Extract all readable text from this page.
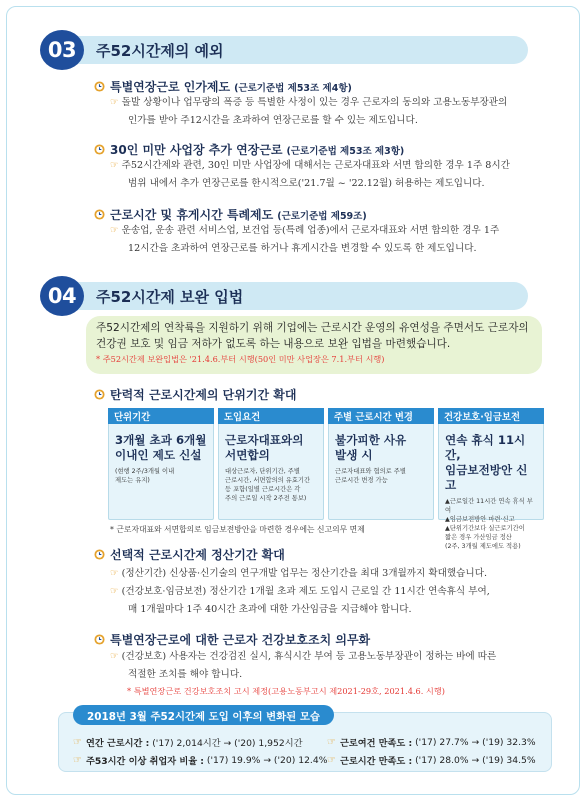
03	주52시간제의 예외
특별연장근로 인가제도 (근로기준법 제53조 제4항)
☞ 돌발 상황이나 업무량의 폭증 등 특별한 사정이 있는 경우 근로자의 동의와 고용노동부장관의
인가를 받아 주12시간을 초과하여 연장근로를 할 수 있는 제도입니다.
30인 미만 사업장 추가 연장근로 (근로기준법 제53조 제3항)
☞ 주52시간제와 관련, 30인 미만 사업장에 대해서는 근로자대표와 서면 합의한 경우 1주 8시간
범위 내에서 추가 연장근로를 한시적으로('21.7월 ~ '22.12월) 허용하는 제도입니다.
근로시간 및 휴게시간 특례제도 (근로기준법 제59조)
☞ 운송업, 운송 관련 서비스업, 보건업 등(특례 업종)에서 근로자대표와 서면 합의한 경우 1주
12시간을 초과하여 연장근로를 하거나 휴게시간을 변경할 수 있도록 한 제도입니다.
04	주52시간제 보완 입법
주52시간제의 연착륙을 지원하기 위해 기업에는 근로시간 운영의 유연성을 주면서도 근로자의
건강권 보호 및 임금 저하가 없도록 하는 내용으로 보완 입법을 마련했습니다.
* 주52시간제 보완입법은 '21.4.6.부터 시행(50인 미만 사업장은 7.1.부터 시행)
탄력적 근로시간제의 단위기간 확대
단위기간
3개월 초과 6개월
이내인 제도 신설
(현행 2주/3개월 이내
제도는 유지)
도입요건
근로자대표와의
서면합의
대상근로자, 단위기간, 주별
근로시간, 서면합의의 유효기간
등 포함(일별 근로시간은 각
주의 근로일 시작 2주전 통보)
주별 근로시간 변경
불가피한 사유
발생 시
근로자대표와 협의로 주별
근로시간 변경 가능
건강보호·임금보전
연속 휴식 11시간,
임금보전방안 신고
▲근로일간 11시간 연속 휴식 부여
▲임금보전방안 마련·신고
▲단위기간보다 실근로기간이
짧은 경우 가산임금 정산
(2주, 3개월 제도에도 적용)
* 근로자대표와 서면합의로 임금보전방안을 마련한 경우에는 신고의무 면제
선택적 근로시간제 정산기간 확대
☞ (정산기간) 신상품·신기술의 연구개발 업무는 정산기간을 최대 3개월까지 확대했습니다.
☞ (건강보호·임금보전) 정산기간 1개월 초과 제도 도입시 근로일 간 11시간 연속휴식 부여,
매 1개월마다 1주 40시간 초과에 대한 가산임금을 지급해야 합니다.
특별연장근로에 대한 근로자 건강보호조치 의무화
☞ (건강보호) 사용자는 건강검진 실시, 휴식시간 부여 등 고용노동부장관이 정하는 바에 따른
적절한 조치를 해야 합니다.
* 특별연장근로 건강보호조치 고시 제정(고용노동부고시 제2021-29호, 2021.4.6. 시행)
2018년 3월 주52시간제 도입 이후의 변화된 모습
☞ 연간 근로시간 :
('17) 2,014시간 → ('20) 1,952시간 ☞ 근로여건 만족도 :
('17) 27.7% → ('19) 32.3%
☞ 주53시간 이상 취업자 비율 :
('17) 19.9% → ('20) 12.4% ☞ 근로시간 만족도 :
('17) 28.0% → ('19) 34.5%
